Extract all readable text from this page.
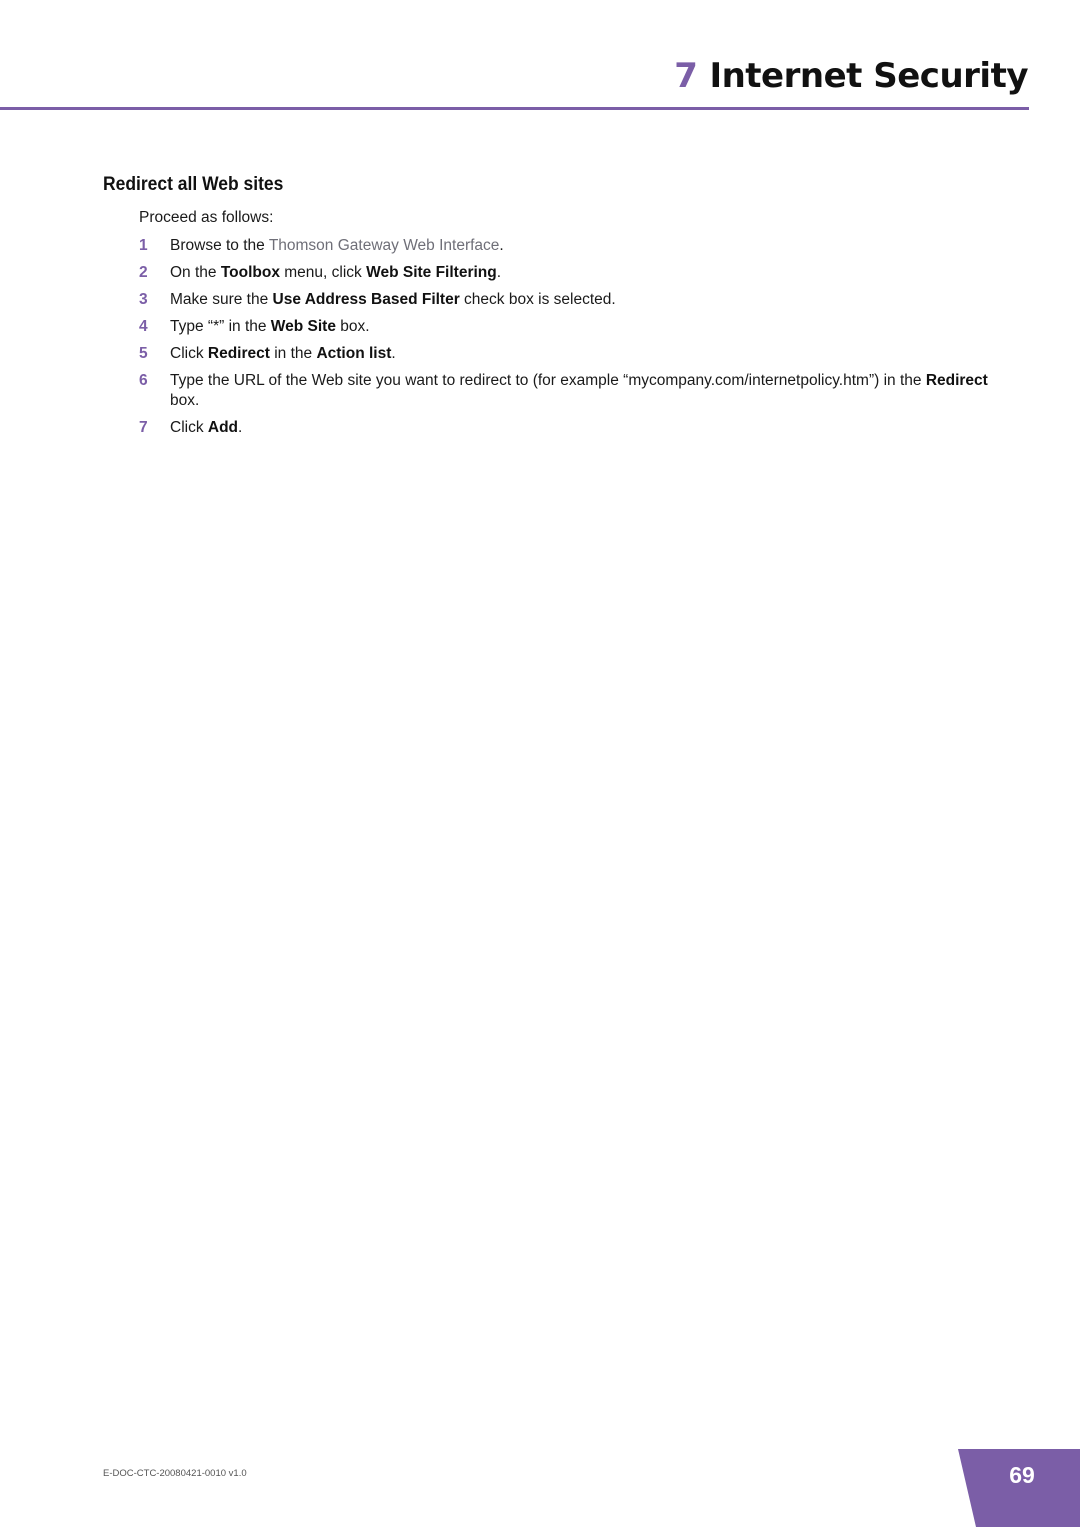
7 Internet Security
Redirect all Web sites
Proceed as follows:
1 Browse to the Thomson Gateway Web Interface.
2 On the Toolbox menu, click Web Site Filtering.
3 Make sure the Use Address Based Filter check box is selected.
4 Type “*” in the Web Site box.
5 Click Redirect in the Action list.
6 Type the URL of the Web site you want to redirect to (for example “mycompany.com/internetpolicy.htm”) in the Redirect box.
7 Click Add.
E-DOC-CTC-20080421-0010 v1.0	69
